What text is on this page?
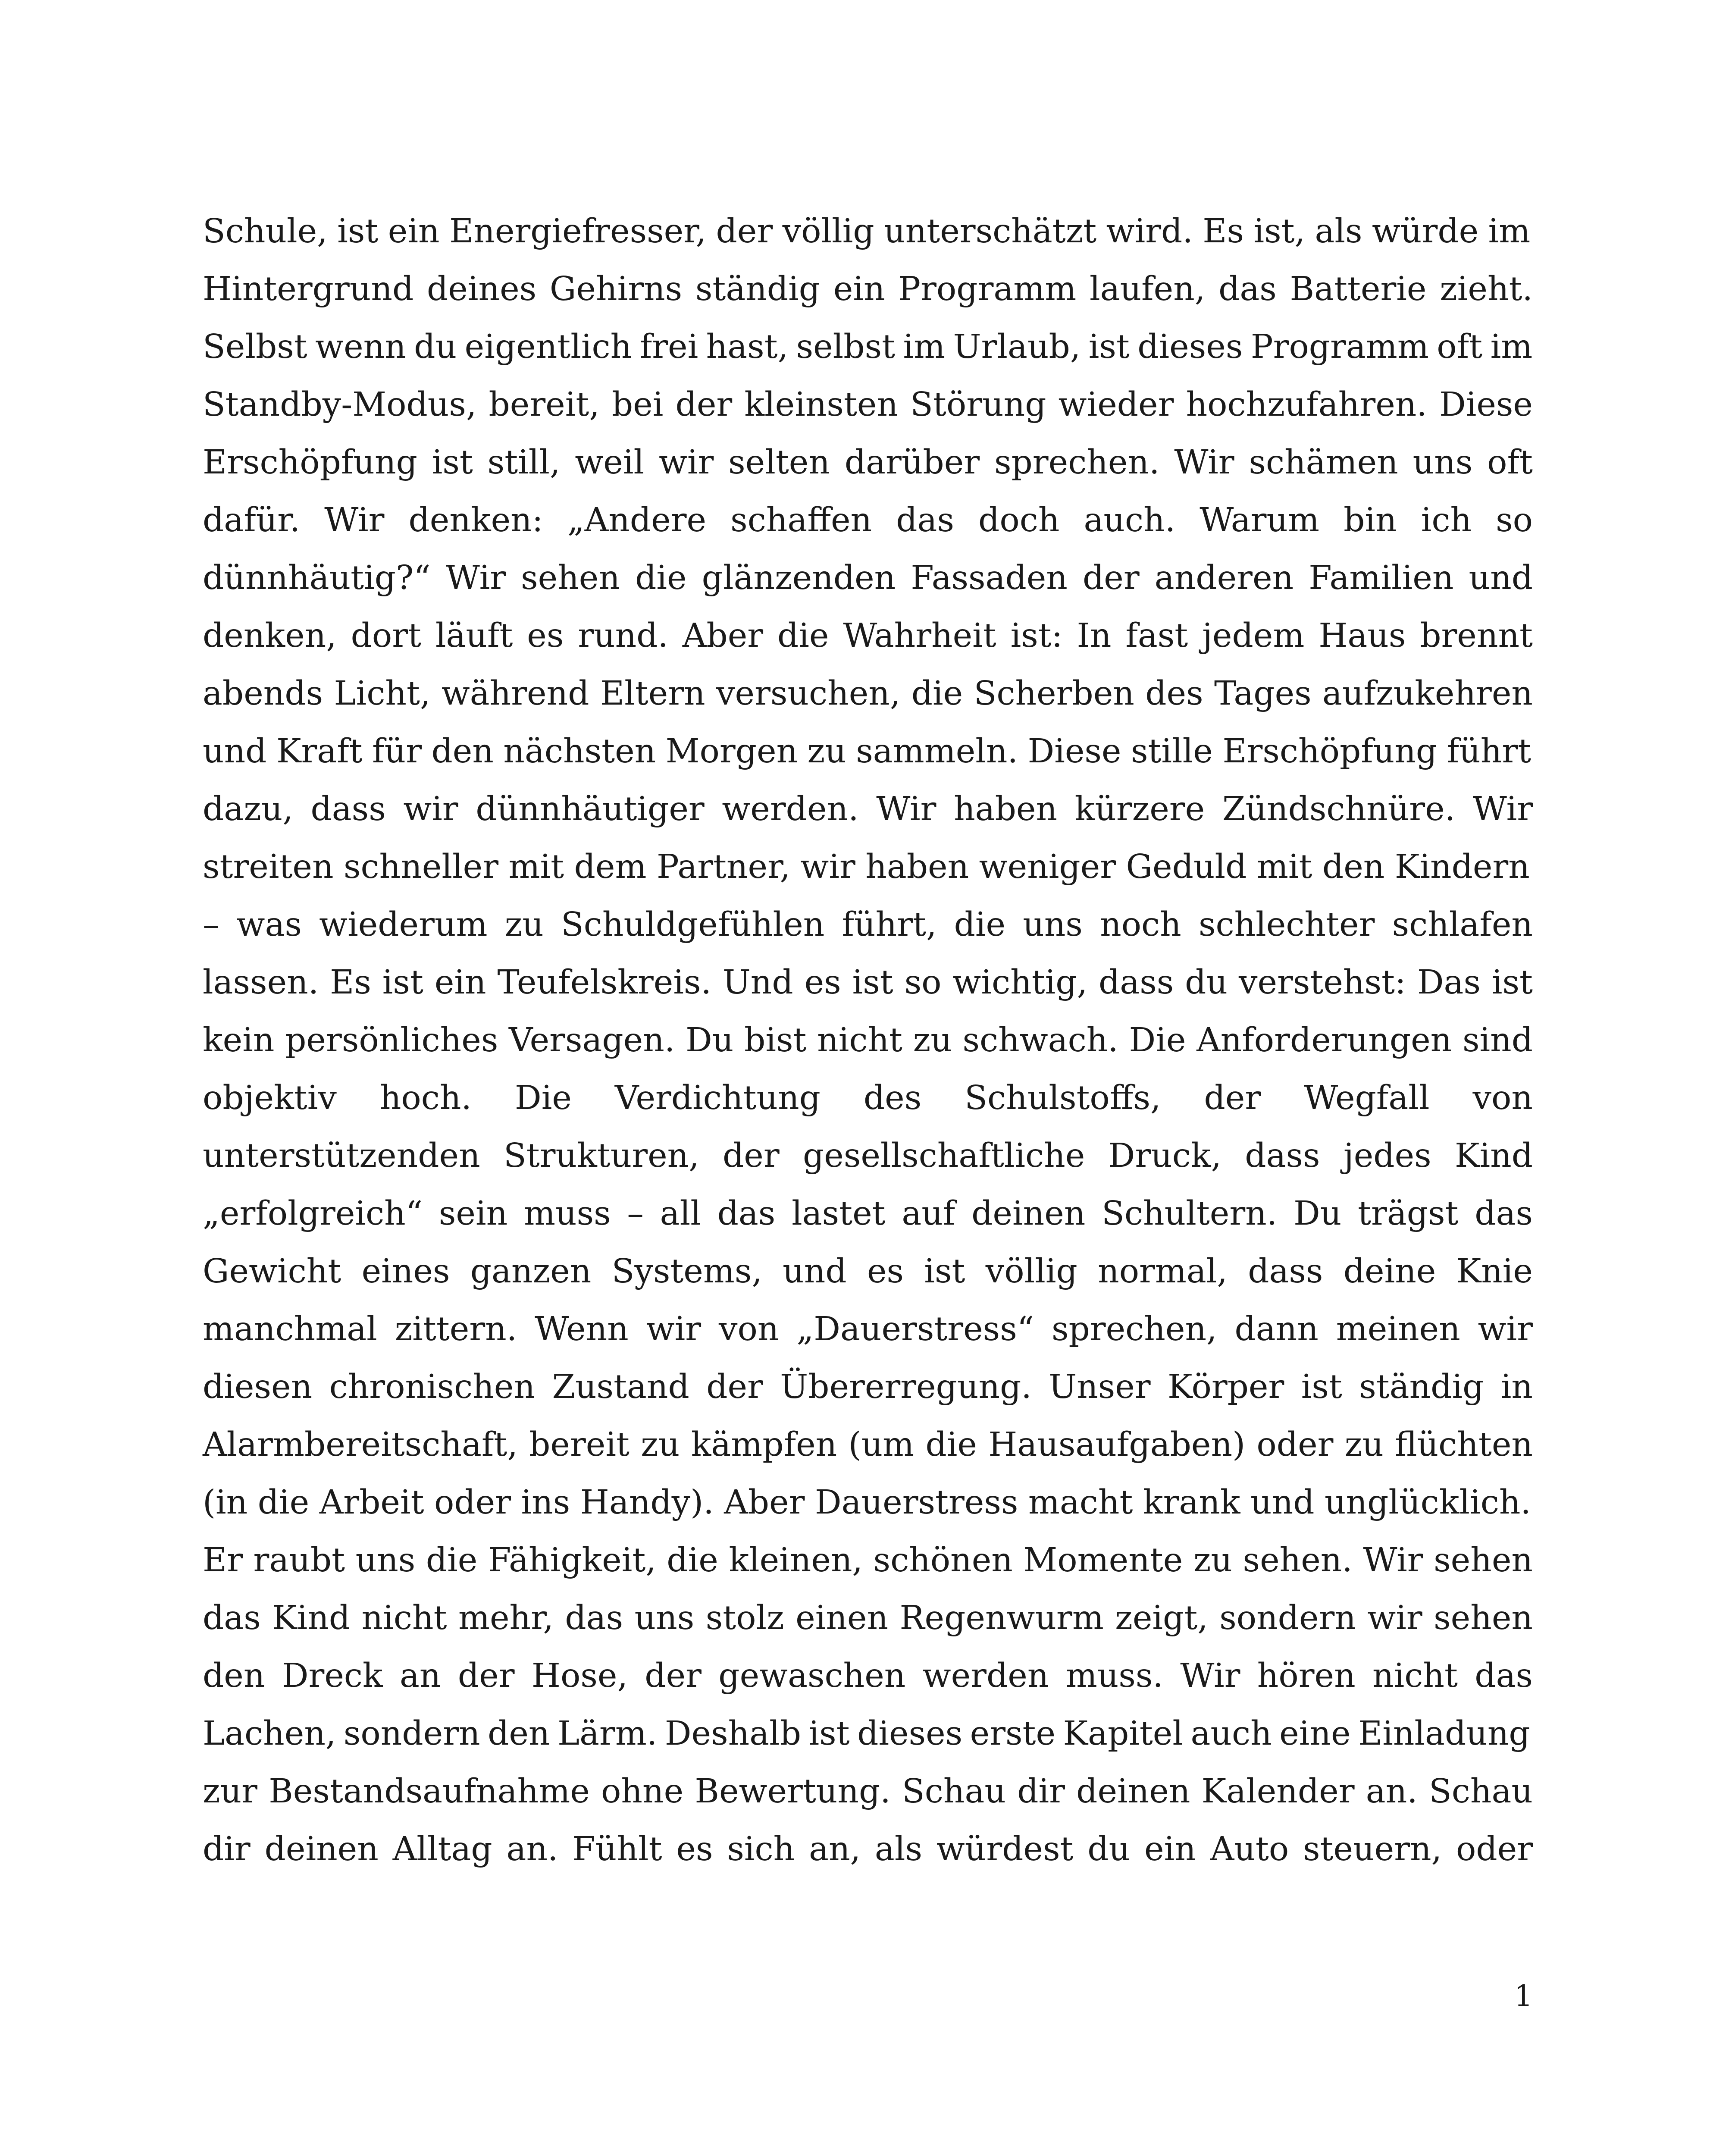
Schule, ist ein Energiefresser, der völlig unterschätzt wird. Es ist, als würde im
Hintergrund deines Gehirns ständig ein Programm laufen, das Batterie zieht.
Selbst wenn du eigentlich frei hast, selbst im Urlaub, ist dieses Programm oft im
Standby-Modus, bereit, bei der kleinsten Störung wieder hochzufahren. Diese
Erschöpfung ist still, weil wir selten darüber sprechen. Wir schämen uns oft
dafür. Wir denken: „Andere schaffen das doch auch. Warum bin ich so
dünnhäutig?“ Wir sehen die glänzenden Fassaden der anderen Familien und
denken, dort läuft es rund. Aber die Wahrheit ist: In fast jedem Haus brennt
abends Licht, während Eltern versuchen, die Scherben des Tages aufzukehren
und Kraft für den nächsten Morgen zu sammeln. Diese stille Erschöpfung führt
dazu, dass wir dünnhäutiger werden. Wir haben kürzere Zündschnüre. Wir
streiten schneller mit dem Partner, wir haben weniger Geduld mit den Kindern
– was wiederum zu Schuldgefühlen führt, die uns noch schlechter schlafen
lassen. Es ist ein Teufelskreis. Und es ist so wichtig, dass du verstehst: Das ist
kein persönliches Versagen. Du bist nicht zu schwach. Die Anforderungen sind
objektiv hoch. Die Verdichtung des Schulstoffs, der Wegfall von
unterstützenden Strukturen, der gesellschaftliche Druck, dass jedes Kind
„erfolgreich“ sein muss – all das lastet auf deinen Schultern. Du trägst das
Gewicht eines ganzen Systems, und es ist völlig normal, dass deine Knie
manchmal zittern. Wenn wir von „Dauerstress“ sprechen, dann meinen wir
diesen chronischen Zustand der Übererregung. Unser Körper ist ständig in
Alarmbereitschaft, bereit zu kämpfen (um die Hausaufgaben) oder zu flüchten
(in die Arbeit oder ins Handy). Aber Dauerstress macht krank und unglücklich.
Er raubt uns die Fähigkeit, die kleinen, schönen Momente zu sehen. Wir sehen
das Kind nicht mehr, das uns stolz einen Regenwurm zeigt, sondern wir sehen
den Dreck an der Hose, der gewaschen werden muss. Wir hören nicht das
Lachen, sondern den Lärm. Deshalb ist dieses erste Kapitel auch eine Einladung
zur Bestandsaufnahme ohne Bewertung. Schau dir deinen Kalender an. Schau
dir deinen Alltag an. Fühlt es sich an, als würdest du ein Auto steuern, oder
1
